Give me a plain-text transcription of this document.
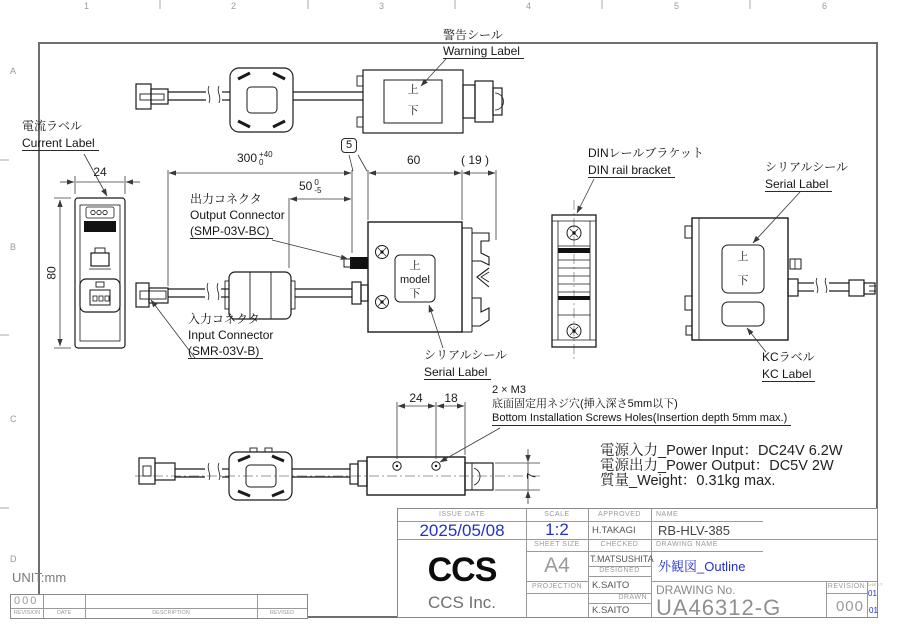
1	2	3	4	5	6
A
B
C
D
警告シール
Warning Label
電流ラベル
Current Label
出力コネクタ
Output Connector
(SMP-03V-BC)
入力コネクタ
Input Connector
(SMR-03V-B)	シリアルシール
Serial Label
DINレールブラケット
DIN rail bracket	シリアルシール
Serial Label
KCラベル
KC Label
2 × M3
底面固定用ネジ穴(挿入深さ5mm以下)
Bottom Installation Screws Holes(Insertion depth 5mm max.)
上
下
上
model
下
上
下
24
80
300 +40
0
5
60	( 19 )
50 0
-5
24	18
7
電源入力_Power Input：DC24V 6.2W
電源出力_Power Output：DC5V 2W
質量_Weight：0.31kg max.
ISSUE DATE
2025/05/08
SCALE
1:2
SHEET SIZE
A4
PROJECTION
APPROVED
H.TAKAGI
CHECKED
T.MATSUSHITA
DESIGNED
K.SAITO
DRAWN
K.SAITO
NAME
RB-HLV-385
DRAWING NAME
外観図_Outline
DRAWING No.
UA46312-G
REVISION
000
SHEET
01
01
CCS
CCS Inc.
UNIT:mm
000
REVISION	DATE	DESCRIPTION	REVISED
